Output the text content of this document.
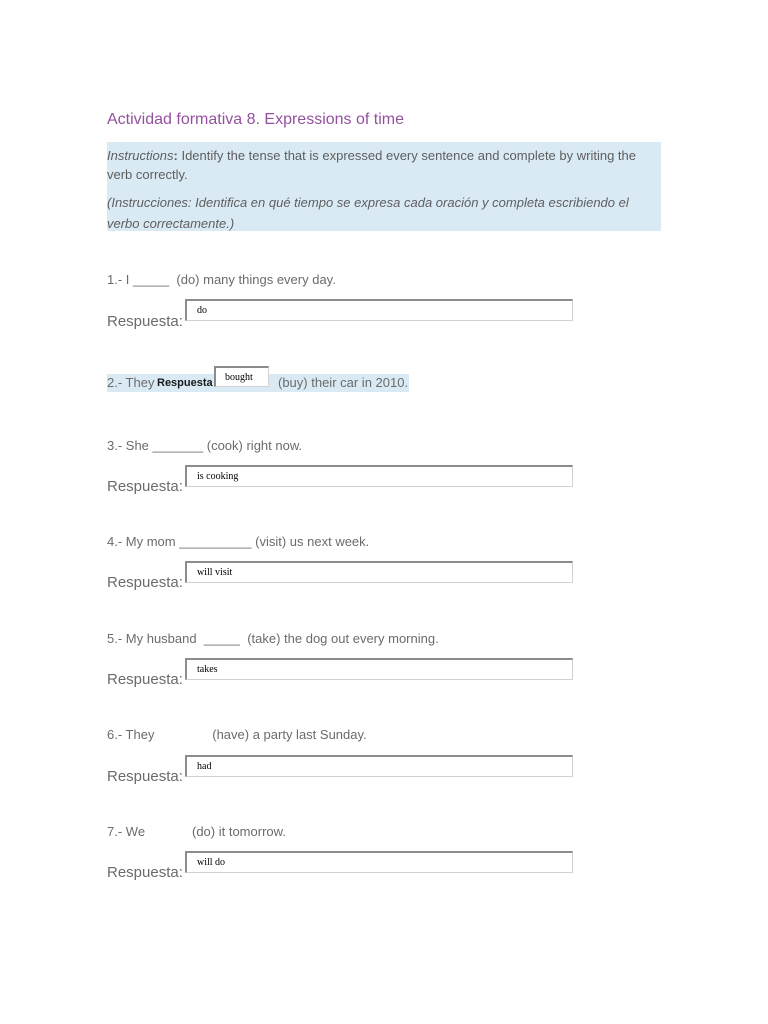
Actividad formativa 8. Expressions of time

Instructions: Identify the tense that is expressed every sentence and complete by writing the verb correctly.

(Instrucciones: Identifica en qué tiempo se expresa cada oración y completa escribiendo el verbo correctamente.)

1.- I _____  (do) many things every day.
do
Respuesta:
2.- They Respuesta
bought	(buy) their car in 2010.
3.- She _______ (cook) right now.
is cooking
Respuesta:
4.- My mom __________ (visit) us next week.
will visit
Respuesta:
5.- My husband  _____  (take) the dog out every morning.
takes
Respuesta:
6.- They                (have) a party last Sunday.
had
Respuesta:
7.- We             (do) it tomorrow.
will do
Respuesta:
